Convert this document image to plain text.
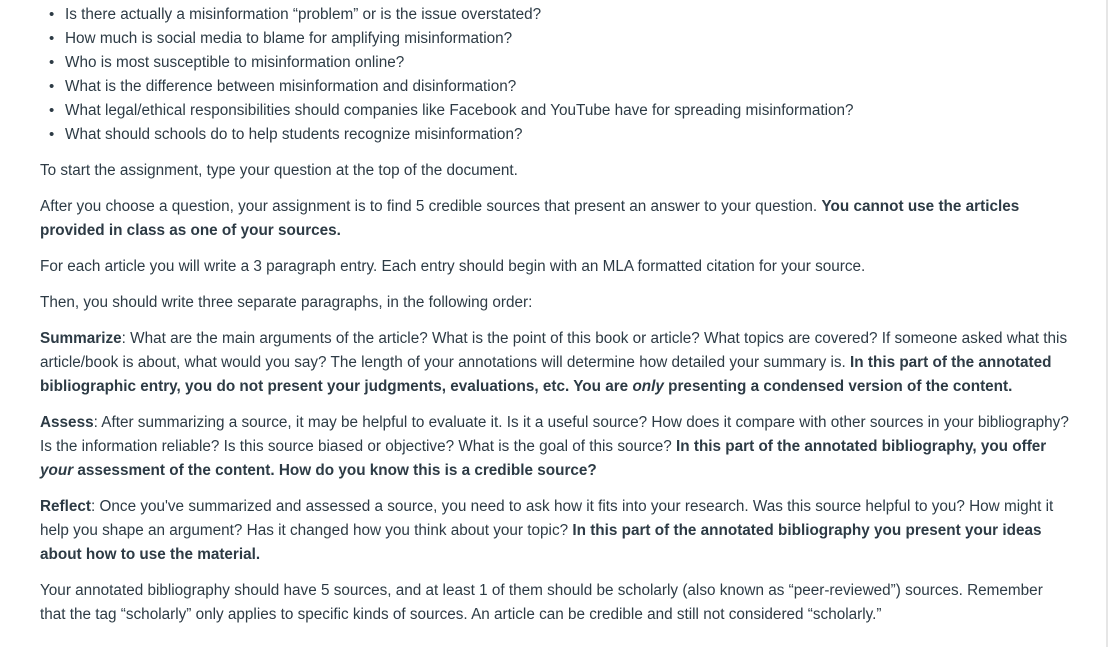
• Is there actually a misinformation “problem” or is the issue overstated?
• How much is social media to blame for amplifying misinformation?
• Who is most susceptible to misinformation online?
• What is the difference between misinformation and disinformation?
• What legal/ethical responsibilities should companies like Facebook and YouTube have for spreading misinformation?
• What should schools do to help students recognize misinformation?

To start the assignment, type your question at the top of the document.

After you choose a question, your assignment is to find 5 credible sources that present an answer to your question. You cannot use the articles provided in class as one of your sources.

For each article you will write a 3 paragraph entry. Each entry should begin with an MLA formatted citation for your source.

Then, you should write three separate paragraphs, in the following order:

Summarize: What are the main arguments of the article? What is the point of this book or article? What topics are covered? If someone asked what this article/book is about, what would you say? The length of your annotations will determine how detailed your summary is. In this part of the annotated bibliographic entry, you do not present your judgments, evaluations, etc. You are only presenting a condensed version of the content.

Assess: After summarizing a source, it may be helpful to evaluate it. Is it a useful source? How does it compare with other sources in your bibliography? Is the information reliable? Is this source biased or objective? What is the goal of this source? In this part of the annotated bibliography, you offer your assessment of the content. How do you know this is a credible source?

Reflect: Once you've summarized and assessed a source, you need to ask how it fits into your research. Was this source helpful to you? How might it help you shape an argument? Has it changed how you think about your topic? In this part of the annotated bibliography you present your ideas about how to use the material.

Your annotated bibliography should have 5 sources, and at least 1 of them should be scholarly (also known as “peer-reviewed”) sources. Remember that the tag “scholarly” only applies to specific kinds of sources. An article can be credible and still not considered “scholarly.”
